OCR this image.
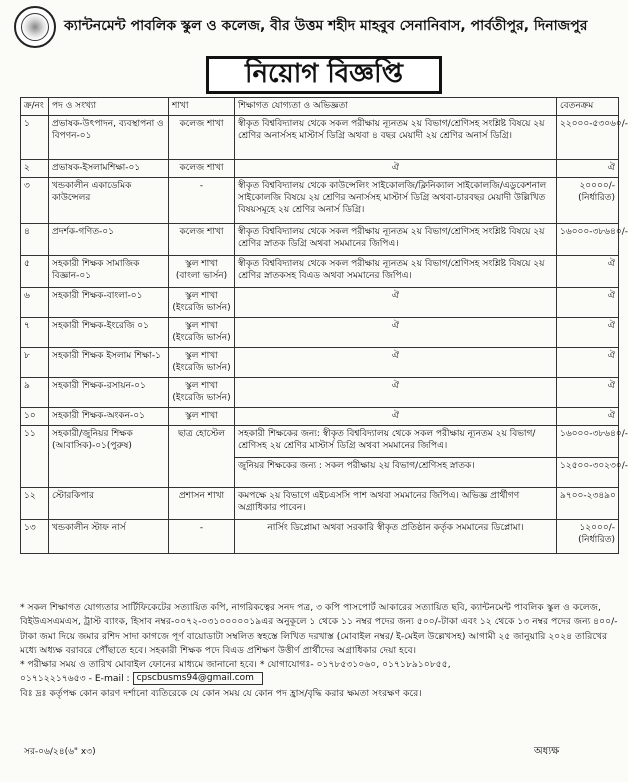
ক্যান্টনমেন্ট পাবলিক স্কুল ও কলেজ, বীর উত্তম শহীদ মাহবুব সেনানিবাস, পার্বতীপুর, দিনাজপুর
নিয়োগ বিজ্ঞপ্তি
ক্র/নং	পদ ও সংখ্যা	শাখা	শিক্ষাগত যোগ্যতা ও অভিজ্ঞতা	বেতনক্রম
১	প্রভাষক-উৎপাদন, ব্যবস্থাপনা ও বিপণন-০১	কলেজ শাখা	স্বীকৃত বিশ্ববিদ্যালয় থেকে সকল পরীক্ষায় ন্যূনতম ২য় বিভাগ/শ্রেণিসহ সংশ্লিষ্ট বিষয়ে ২য় শ্রেণির অনার্সসহ মাস্টার্স ডিগ্রি অথবা ৪ বছর মেয়াদী ২য় শ্রেণির অনার্স ডিগ্রি।	২২০০০-৫৩০৬০/-
২	প্রভাষক-ইসলামশিক্ষা-০১	কলেজ শাখা	ঐ	ঐ
৩	খন্ডকালীন একাডেমিক কাউন্সেলর	-	স্বীকৃত বিশ্ববিদ্যালয় থেকে কাউন্সেলিং সাইকোলজি/ক্লিনিক্যাল সাইকোলজি/এডুকেশনাল সাইকোলজি বিষয়ে ২য় শ্রেণির অনার্সসহ মাস্টার্স ডিগ্রি অথবা-চারবছর মেয়াদী উল্লিখিত বিষয়সমূহে ২য় শ্রেণির অনার্স ডিগ্রি।	২০০০০/-
(নির্ধারিত)

৪	প্রদর্শক-গণিত-০১	কলেজ শাখা	স্বীকৃত বিশ্ববিদ্যালয় থেকে সকল পরীক্ষায় ন্যূনতম ২য় বিভাগ/শ্রেণিসহ সংশ্লিষ্ট বিষয়ে ২য় শ্রেণির স্নাতক ডিগ্রি অথবা সমমানের জিপিএ।	১৬০০০-৩৮৬৪০/-
৫	সহকারী শিক্ষক সামাজিক বিজ্ঞান-০১	স্কুল শাখা (বাংলা ভার্সন)	স্বীকৃত বিশ্ববিদ্যালয় থেকে সকল পরীক্ষায় ন্যূনতম ২য় বিভাগ/শ্রেণিসহ সংশ্লিষ্ট বিষয়ে ২য় শ্রেণির স্নাতকসহ বিএড অথবা সমমানের জিপিএ।	ঐ
৬	সহকারী শিক্ষক-বাংলা-০১	স্কুল শাখা (ইংরেজি ভার্সন)	ঐ	ঐ
৭	সহকারী শিক্ষক-ইংরেজি ০১	স্কুল শাখা (ইংরেজি ভার্সন)	ঐ	ঐ
৮	সহকারী শিক্ষক ইসলাম শিক্ষা-১	স্কুল শাখা (ইংরেজি ভার্সন)	ঐ	ঐ
৯	সহকারী শিক্ষক-রসায়ন-০১	স্কুল শাখা (ইংরেজি ভার্সন)	ঐ	ঐ
১০	সহকারী শিক্ষক-অংকন-০১	স্কুল শাখা	ঐ	ঐ
১১	সহকারী/জুনিয়র শিক্ষক (আবাসিক)-০১(পুরুষ)	ছাত্র হোস্টেল	সহকারী শিক্ষকের জন্য: স্বীকৃত বিশ্ববিদ্যালয় থেকে সকল পরীক্ষায় ন্যূনতম ২য় বিভাগ/শ্রেণিসহ ২য় শ্রেণির মাস্টার্স ডিগ্রি অথবা সমমানের জিপিএ।	১৬০০০-৩৮৬৪০/-
			জুনিয়র শিক্ষকের জন্য : সকল পরীক্ষায় ২য় বিভাগ/শ্রেণিসহ স্নাতক।	১২৫০০-৩০২৩০/-
১২	স্টোরকিপার	প্রশাসন শাখা	কমপক্ষে ২য় বিভাগে এইচএসসি পাশ অথবা সমমানের জিপিএ। অভিজ্ঞ প্রার্থীগণ অগ্রাধিকার পাবেন।	৯৭০০-২৩৪৯০
১৩	খন্ডকালীন স্টাফ নার্স	-	নার্সিং ডিপ্লোমা অথবা সরকারি স্বীকৃত প্রতিষ্ঠান কর্তৃক সমমানের ডিপ্লোমা।	১২০০০/-
(নির্ধারিত)

* সকল শিক্ষাগত যোগ্যতার সার্টিফিকেটের সত্যায়িত কপি, নাগরিকত্বের সনদ পত্র, ৩ কপি পাসপোর্ট আকারের সত্যায়িত ছবি, ক্যান্টনমেন্ট পাবলিক স্কুল ও কলেজ, বিইউএসএমএস, ট্রাস্ট ব্যাংক, হিসাব নম্বর-০০৭২-০৩১০০০০০১৯এর অনুকূলে ১ থেকে ১১ নম্বর পদের জন্য ৫০০/-টাকা এবং ১২ থেকে ১৩ নম্বর পদের জন্য ৪০০/-টাকা জমা দিয়ে জমার রশিদ সাদা কাগজে পূর্ণ বায়োডাটা সম্বলিত স্বহস্তে লিখিত দরখাস্ত (মোবাইল নম্বর/ ই-মেইল উল্লেখসহ) আগামী ২৫ জানুয়ারি ২০২৪ তারিখের মধ্যে অধ্যক্ষ বরাবরে পৌঁছাতে হবে। সহকারী শিক্ষক পদে বিএড প্রশিক্ষণ উত্তীর্ণ প্রার্থীদের অগ্রাধিকার দেয়া হবে।

* পরীক্ষার সময় ও তারিখ মোবাইল ফোনের মাধ্যমে জানানো হবে। * যোগাযোগঃ- ০১৭৮৫৩১০৬০, ০১৭১৮৯১০৮৫৫,

০১৭১২২১৭৬৫৩ - E-mail : cpscbusms94@gmail.com

বিঃ দ্রঃ কর্তৃপক্ষ কোন কারণ দর্শানো ব্যতিরেকে যে কোন সময় যে কোন পদ হ্রাস/বৃদ্ধি করার ক্ষমতা সংরক্ষণ করে।

সর-০৬/২৪(৬" x৩)	অধ্যক্ষ
